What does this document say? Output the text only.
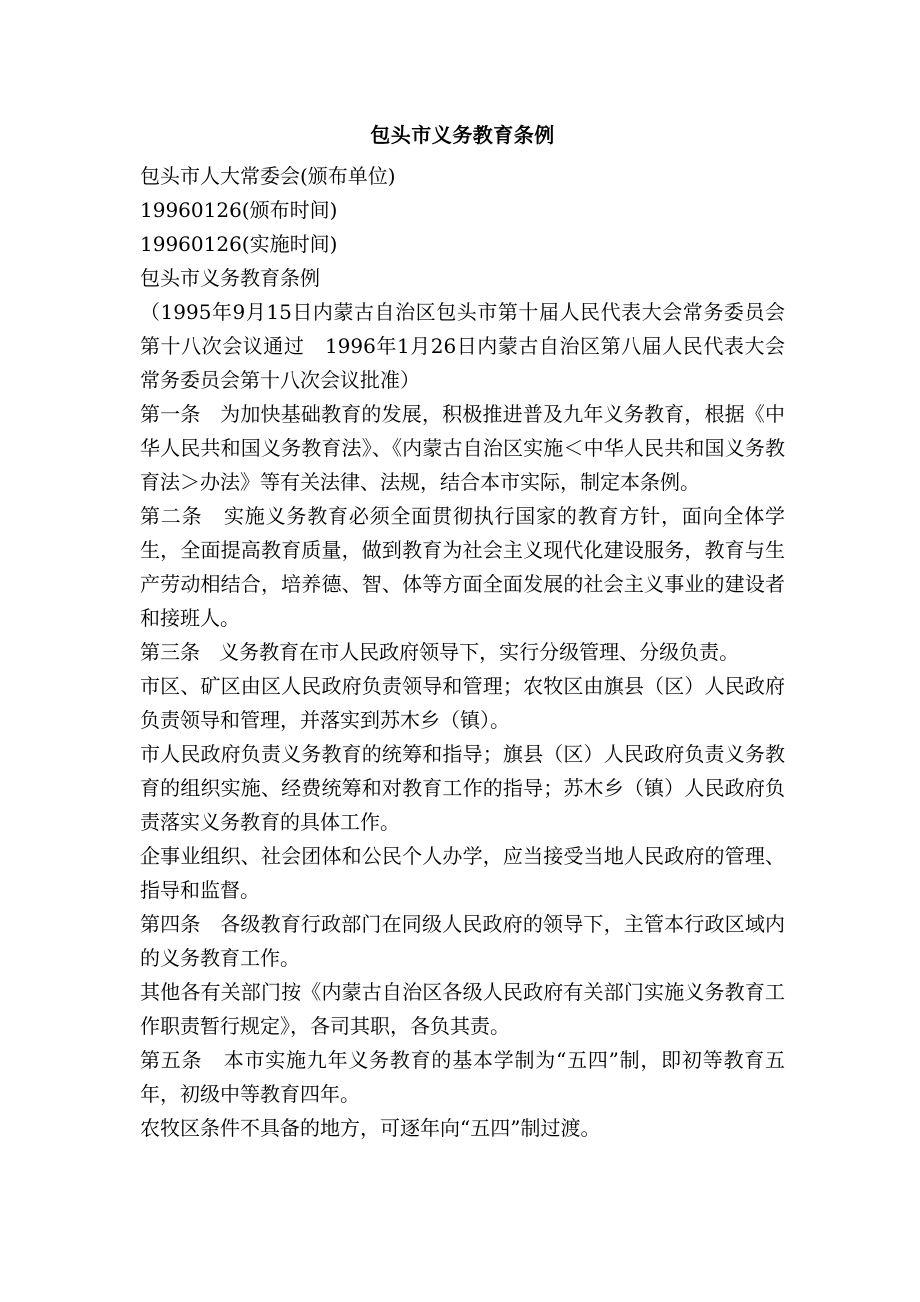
包头市义务教育条例
包头市人大常委会(颁布单位)
19960126(颁布时间)
19960126(实施时间)
包头市义务教育条例
（1995年9月15日内蒙古自治区包头市第十届人民代表大会常务委员会第十八次会议通过　1996年1月26日内蒙古自治区第八届人民代表大会常务委员会第十八次会议批准）
第一条 为加快基础教育的发展，积极推进普及九年义务教育，根据《中华人民共和国义务教育法》、《内蒙古自治区实施＜中华人民共和国义务教育法＞办法》等有关法律、法规，结合本市实际，制定本条例。
第二条 实施义务教育必须全面贯彻执行国家的教育方针，面向全体学生，全面提高教育质量，做到教育为社会主义现代化建设服务，教育与生产劳动相结合，培养德、智、体等方面全面发展的社会主义事业的建设者和接班人。
第三条 义务教育在市人民政府领导下，实行分级管理、分级负责。
市区、矿区由区人民政府负责领导和管理；农牧区由旗县（区）人民政府负责领导和管理，并落实到苏木乡（镇）。
市人民政府负责义务教育的统筹和指导；旗县（区）人民政府负责义务教育的组织实施、经费统筹和对教育工作的指导；苏木乡（镇）人民政府负责落实义务教育的具体工作。
企事业组织、社会团体和公民个人办学，应当接受当地人民政府的管理、指导和监督。
第四条 各级教育行政部门在同级人民政府的领导下，主管本行政区域内的义务教育工作。
其他各有关部门按《内蒙古自治区各级人民政府有关部门实施义务教育工作职责暂行规定》，各司其职，各负其责。
第五条 本市实施九年义务教育的基本学制为“五四”制，即初等教育五年，初级中等教育四年。
农牧区条件不具备的地方，可逐年向“五四”制过渡。
